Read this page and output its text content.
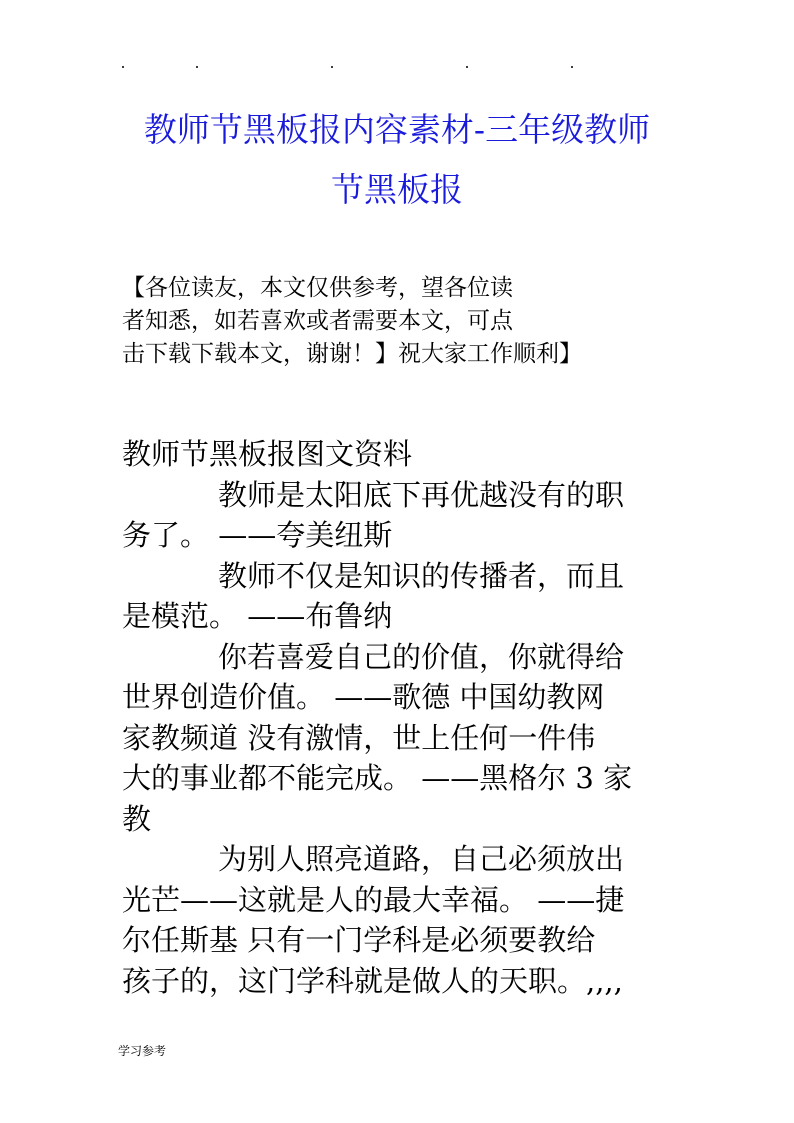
教师节黑板报内容素材-三年级教师
节黑板报
【各位读友，本文仅供参考，望各位读
者知悉，如若喜欢或者需要本文，可点
击下载下载本文，谢谢！】祝大家工作顺利】
教师节黑板报图文资料
教师是太阳底下再优越没有的职
务了。 ——夸美纽斯
教师不仅是知识的传播者，而且
是模范。 ——布鲁纳
你若喜爱自己的价值，你就得给
世界创造价值。 ——歌德 中国幼教网
家教频道 没有激情，世上任何一件伟
大的事业都不能完成。 ——黑格尔 3 家
教
为别人照亮道路，自己必须放出
光芒——这就是人的最大幸福。 ——捷
尔任斯基 只有一门学科是必须要教给
孩子的，这门学科就是做人的天职。,,,,
学习参考
